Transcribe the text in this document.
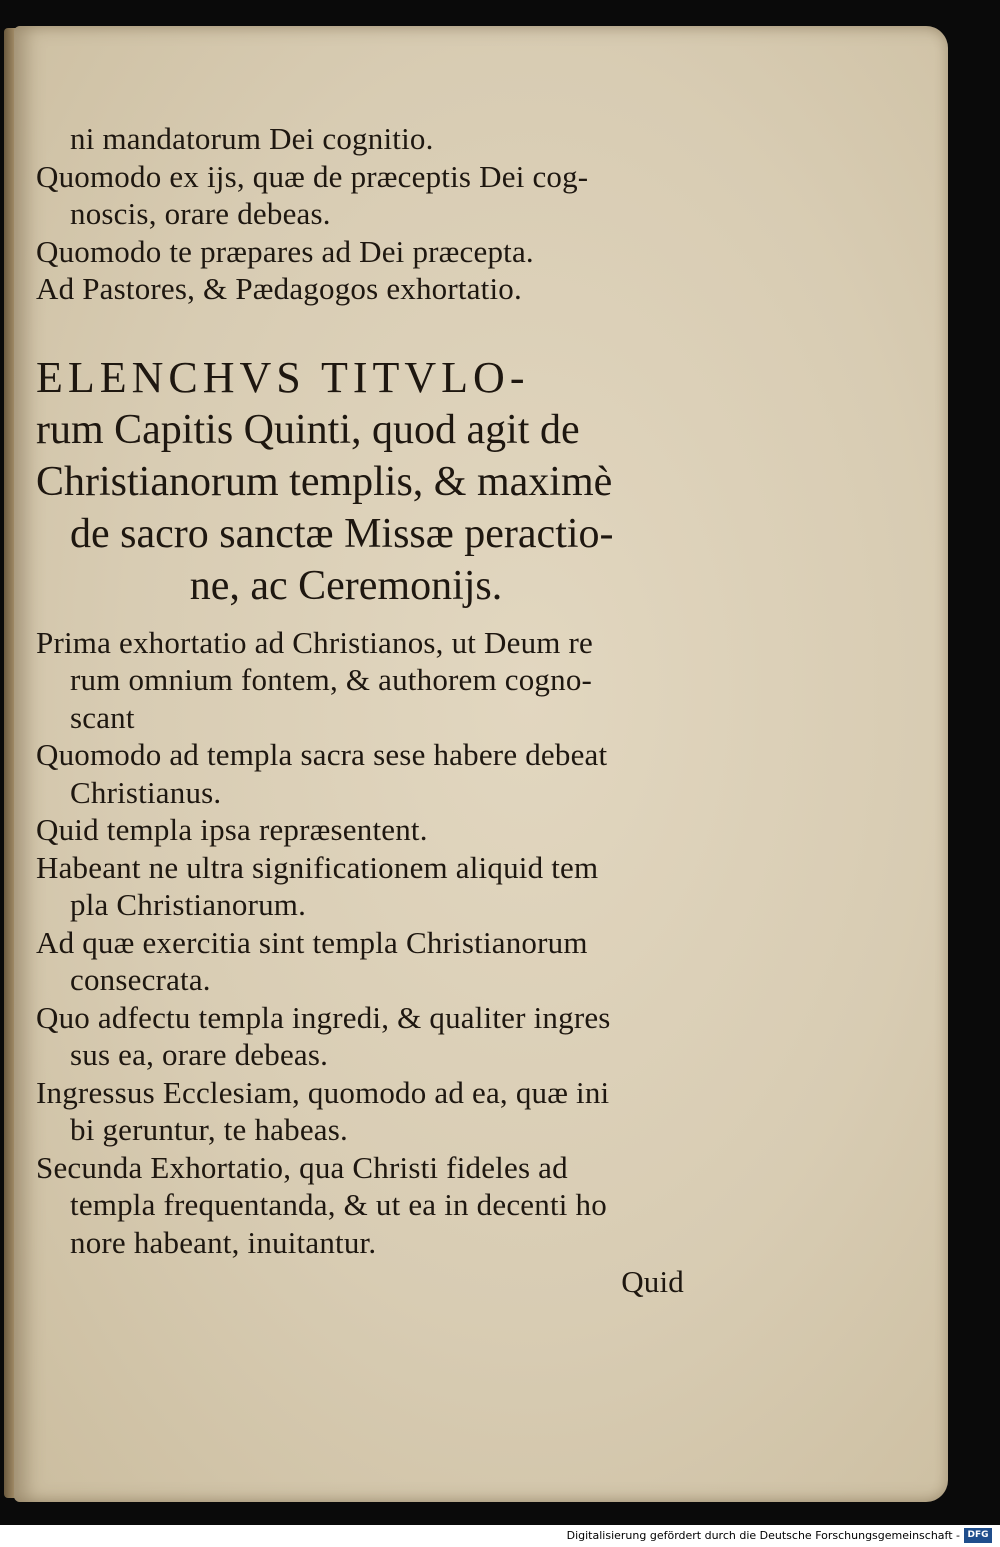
ni mandatorum Dei cognitio.
Quomodo ex ijs, quæ de præceptis Dei cog-
noscis, orare debeas.
Quomodo te præpares ad Dei præcepta.
Ad Pastores, & Pædagogos exhortatio.
ELENCHVS TITVLO-
rum Capitis Quinti, quod agit de
Christianorum templis, & maximè
de sacro sanctæ Missæ peractio-
ne, ac Ceremonijs.
Prima exhortatio ad Christianos, ut Deum re
rum omnium fontem, & authorem cogno-
scant
Quomodo ad templa sacra sese habere debeat
Christianus.
Quid templa ipsa repræsentent.
Habeant ne ultra significationem aliquid tem
pla Christianorum.
Ad quæ exercitia sint templa Christianorum
consecrata.
Quo adfectu templa ingredi, & qualiter ingres
sus ea, orare debeas.
Ingressus Ecclesiam, quomodo ad ea, quæ ini
bi geruntur, te habeas.
Secunda Exhortatio, qua Christi fideles ad
templa frequentanda, & ut ea in decenti ho
nore habeant, inuitantur.
Quid
Digitalisierung gefördert durch die Deutsche Forschungsgemeinschaft - DFG
